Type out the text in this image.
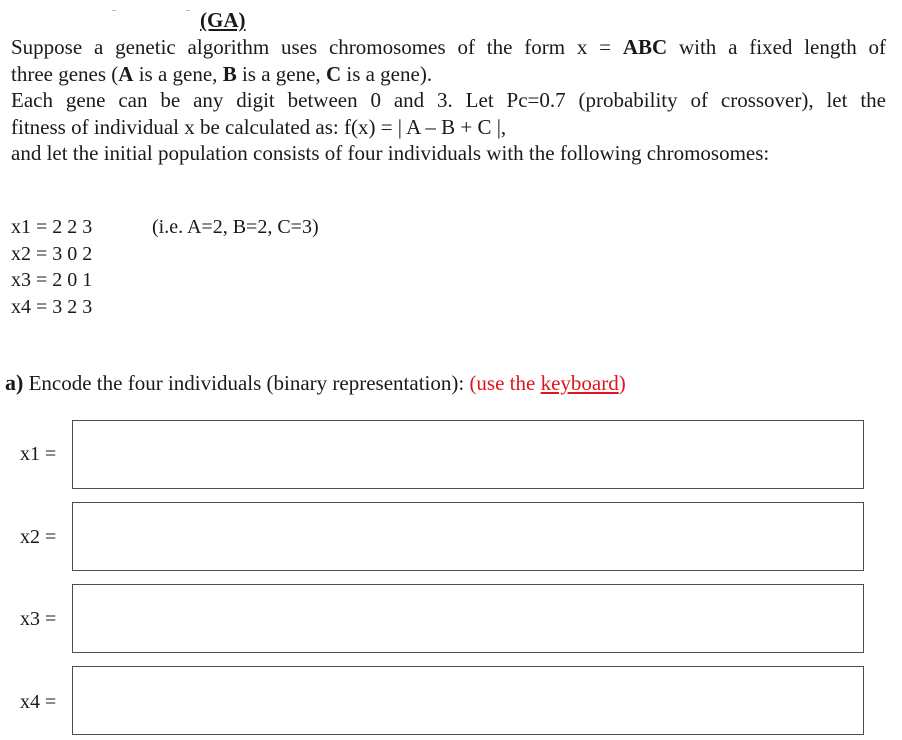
(GA)
Suppose a genetic algorithm uses chromosomes of the form x = ABC with a fixed length of
three genes (A is a gene, B is a gene, C is a gene).
Each gene can be any digit between 0 and 3. Let Pc=0.7 (probability of crossover), let the
fitness of individual x be calculated as: f(x) = | A – B + C |,
and let the initial population consists of four individuals with the following chromosomes:
x1 = 2 2 3
x2 = 3 0 2
x3 = 2 0 1
x4 = 3 2 3
(i.e. A=2, B=2, C=3)
a) Encode the four individuals (binary representation): (use the keyboard)
x1 =
x2 =
x3 =
x4 =
